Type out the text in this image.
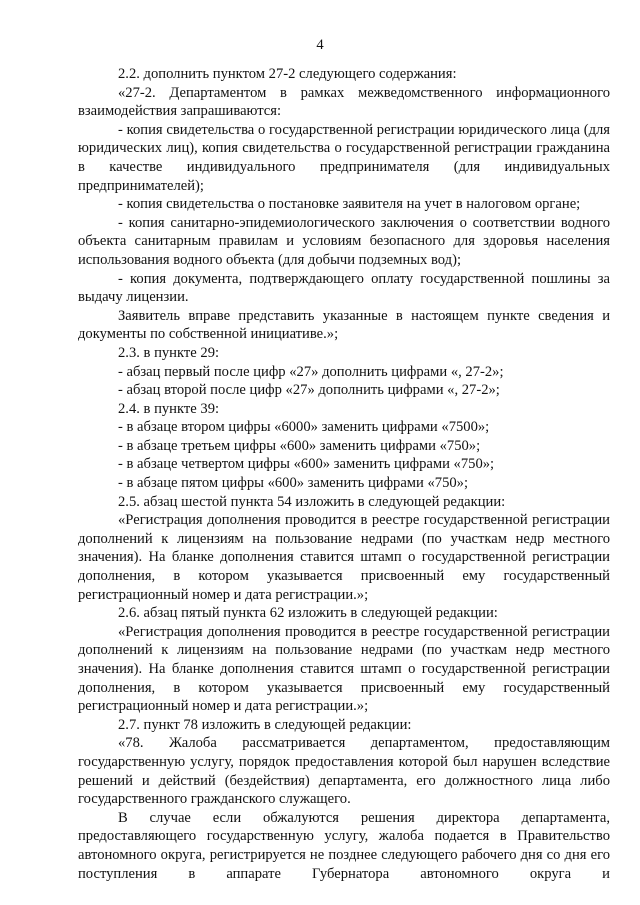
4

2.2. дополнить пунктом 27-2 следующего содержания:

«27-2. Департаментом в рамках межведомственного информационного взаимодействия запрашиваются:

- копия свидетельства о государственной регистрации юридического лица (для юридических лиц), копия свидетельства о государственной регистрации гражданина в качестве индивидуального предпринимателя (для индивидуальных предпринимателей);

- копия свидетельства о постановке заявителя на учет в налоговом органе;

- копия санитарно-эпидемиологического заключения о соответствии водного объекта санитарным правилам и условиям безопасного для здоровья населения использования водного объекта (для добычи подземных вод);

- копия документа, подтверждающего оплату государственной пошлины за выдачу лицензии.

Заявитель вправе представить указанные в настоящем пункте сведения и документы по собственной инициативе.»;

2.3. в пункте 29:

- абзац первый после цифр «27» дополнить цифрами «, 27-2»;

- абзац второй после цифр «27» дополнить цифрами «, 27-2»;

2.4. в пункте 39:

- в абзаце втором цифры «6000» заменить цифрами «7500»;

- в абзаце третьем цифры «600» заменить цифрами «750»;

- в абзаце четвертом цифры «600» заменить цифрами «750»;

- в абзаце пятом цифры «600» заменить цифрами «750»;

2.5. абзац шестой пункта 54 изложить в следующей редакции:

«Регистрация дополнения проводится в реестре государственной регистрации дополнений к лицензиям на пользование недрами (по участкам недр местного значения). На бланке дополнения ставится штамп о государственной регистрации дополнения, в котором указывается присвоенный ему государственный регистрационный номер и дата регистрации.»;

2.6. абзац пятый пункта 62 изложить в следующей редакции:

«Регистрация дополнения проводится в реестре государственной регистрации дополнений к лицензиям на пользование недрами (по участкам недр местного значения). На бланке дополнения ставится штамп о государственной регистрации дополнения, в котором указывается присвоенный ему государственный регистрационный номер и дата регистрации.»;

2.7. пункт 78 изложить в следующей редакции:

«78. Жалоба рассматривается департаментом, предоставляющим государственную услугу, порядок предоставления которой был нарушен вследствие решений и действий (бездействия) департамента, его должностного лица либо государственного гражданского служащего.

В случае если обжалуются решения директора департамента, предоставляющего государственную услугу, жалоба подается в Правительство автономного округа, регистрируется не позднее следующего рабочего дня со дня его поступления в аппарате Губернатора автономного округа и
